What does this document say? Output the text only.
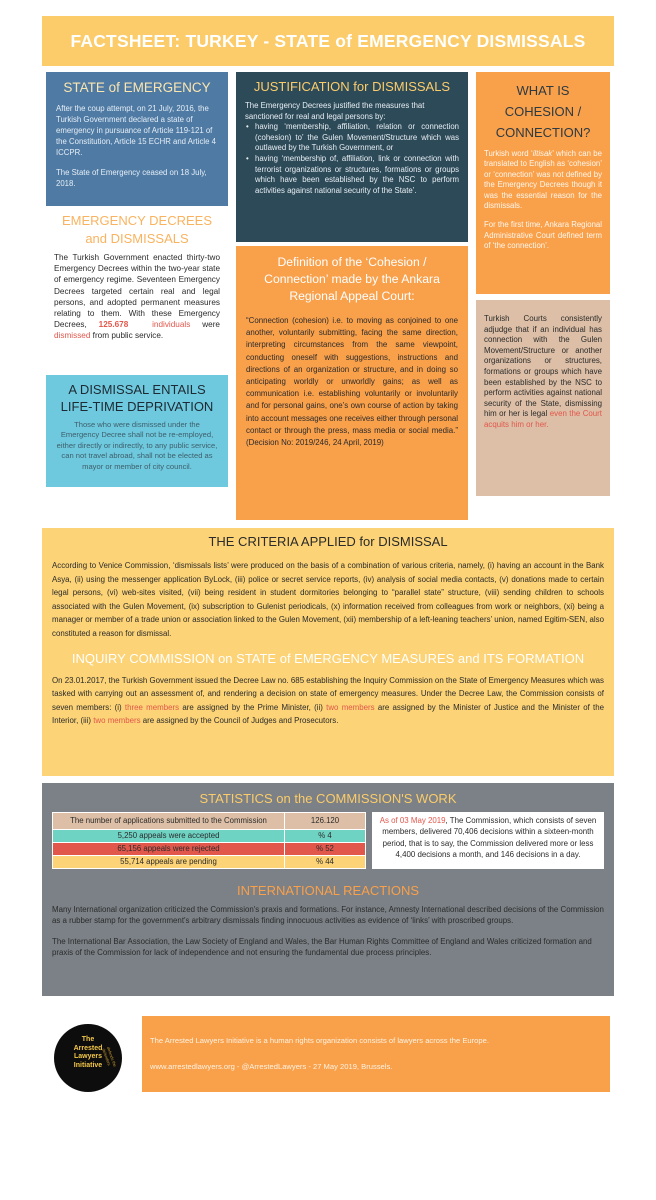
FACTSHEET: TURKEY - STATE of EMERGENCY DISMISSALS
STATE of EMERGENCY

After the coup attempt, on 21 July, 2016, the Turkish Government declared a state of emergency in pursuance of Article 119-121 of the Constitution, Article 15 ECHR and Article 4 ICCPR.

The State of Emergency ceased on 18 July, 2018.

EMERGENCY DECREES and DISMISSALS

The Turkish Government enacted thirty-two Emergency Decrees within the two-year state of emergency regime. Seventeen Emergency Decrees targeted certain real and legal persons, and adopted permanent measures relating to them. With these Emergency Decrees, 125.678	individuals were dismissed from public service.

A DISMISSAL ENTAILS LIFE-TIME DEPRIVATION

Those who were dismissed under the Emergency Decree shall not be re-employed, either directly or indirectly, to any public service, can not travel abroad, shall not be elected as mayor or member of city council.

JUSTIFICATION for DISMISSALS

The Emergency Decrees justified the measures that sanctioned for real and legal persons by:

• having ‘membership, affiliation, relation or connection (cohesion) to’ the Gulen Movement/Structure which was outlawed by the Turkish Government, or
• having ‘membership of, affiliation, link or connection with terrorist organizations or structures, formations or groups which have been established by the NSC to perform activities against national security of the State’.
Definition of the ‘Cohesion / Connection’ made by the Ankara Regional Appeal Court:

“Connection (cohesion) i.e. to moving as conjoined to one another, voluntarily submitting, facing the same direction, interpreting circumstances from the same viewpoint, conducting oneself with suggestions, instructions and directions of an organization or structure, and in doing so anticipating worldly or unworldly gains; as well as communication i.e. establishing voluntarily or involuntarily and for personal gains, one’s own course of action by taking into account messages one receives either through personal contact or through the press, mass media or social media.” (Decision No: 2019/246, 24 April, 2019)

WHAT IS COHESION / CONNECTION?

Turkish word ‘iltisak’ which can be translated to English as ‘cohesion’ or ‘connection’ was not defined by the Emergency Decrees though it was the essential reason for the dismissals.

For the first time, Ankara Regional Administrative Court defined term of ‘the connection’.

Turkish Courts consistently adjudge that if an individual has connection with the Gulen Movement/Structure or another organizations or structures, formations or groups which have been established by the NSC to perform activities against national security of the State, dismissing him or her is legal even the Court acquits him or her.

THE CRITERIA APPLIED for DISMISSAL

According to Venice Commission, ‘dismissals lists’ were produced on the basis of a combination of various criteria, namely, (i) having an account in the Bank Asya, (ii) using the messenger application ByLock, (iii) police or secret service reports, (iv) analysis of social media contacts, (v) donations made to certain legal persons, (vi) web-sites visited, (vii) being resident in student dormitories belonging to “parallel state” structure, (viii) sending children to schools associated with the Gulen Movement, (ix) subscription to Gulenist periodicals, (x) information received from colleagues from work or neighbors, (xi) being a manager or member of a trade union or association linked to the Gulen Movement, (xii) membership of a left-leaning teachers’ union, named Egitim-SEN, also constituted a reason for dismissal.

INQUIRY COMMISSION on STATE of EMERGENCY MEASURES and ITS FORMATION

On 23.01.2017, the Turkish Government issued the Decree Law no. 685 establishing the Inquiry Commission on the State of Emergency Measures which was tasked with carrying out an assessment of, and rendering a decision on state of emergency measures. Under the Decree Law, the Commission consists of seven members: (i) three members are assigned by the Prime Minister, (ii) two members are assigned by the Minister of Justice and the Minister of the Interior, (iii) two members are assigned by the Council of Judges and Prosecutors.

STATISTICS on the COMMISSION'S WORK
The number of applications submitted to the Commission	126.120
5,250 appeals were accepted	% 4
65,156 appeals were rejected	% 52
55,714 appeals are pending	% 44
As of 03 May 2019, The Commission, which consists of seven members, delivered 70,406 decisions within a sixteen-month period, that is to say, the Commission delivered more or less 4,400 decisions a month, and 146 decisions in a day.
INTERNATIONAL REACTIONS

Many International organization criticized the Commission's praxis and formations. For instance, Amnesty International described decisions of the Commission as a rubber stamp for the government's arbitrary dismissals finding innocuous activities as evidence of ‘links’ with proscribed groups.

The International Bar Association, the Law Society of England and Wales, the Bar Human Rights Committee of England and Wales criticized formation and praxis of the Commission for lack of independence and not ensuring the fundamental due process principles.

The
Arrested
Lawyers
Initiative defends the defenders

The Arrested Lawyers Initiative is a human rights organization consists of lawyers across the Europe.

www.arrestedlawyers.org - @ArrestedLawyers - 27 May 2019, Brussels.
